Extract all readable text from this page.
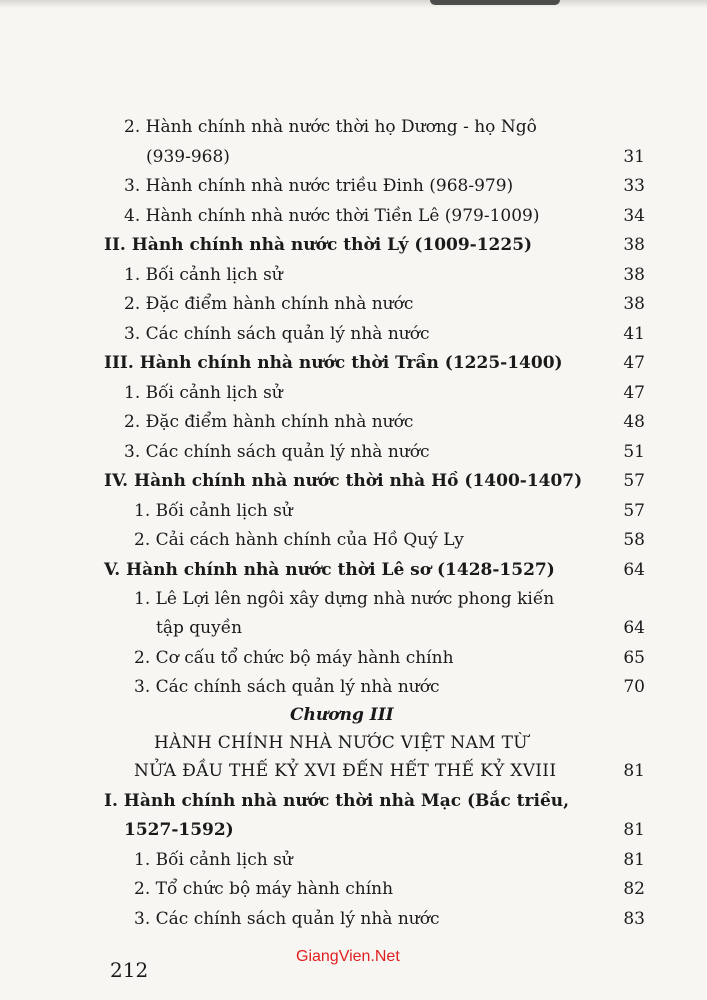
2. Hành chính nhà nước thời họ Dương - họ Ngô
(939-968)	31
3. Hành chính nhà nước triều Đinh (968-979)	33
4. Hành chính nhà nước thời Tiền Lê (979-1009)	34
II. Hành chính nhà nước thời Lý (1009-1225)	38
1. Bối cảnh lịch sử	38
2. Đặc điểm hành chính nhà nước	38
3. Các chính sách quản lý nhà nước	41
III. Hành chính nhà nước thời Trần (1225-1400)	47
1. Bối cảnh lịch sử	47
2. Đặc điểm hành chính nhà nước	48
3. Các chính sách quản lý nhà nước	51
IV. Hành chính nhà nước thời nhà Hồ (1400-1407)	57
1. Bối cảnh lịch sử	57
2. Cải cách hành chính của Hồ Quý Ly	58
V. Hành chính nhà nước thời Lê sơ (1428-1527)	64
1. Lê Lợi lên ngôi xây dựng nhà nước phong kiến
tập quyền	64
2. Cơ cấu tổ chức bộ máy hành chính	65
3. Các chính sách quản lý nhà nước	70
Chương III
HÀNH CHÍNH NHÀ NƯỚC VIỆT NAM TỪ
NỬA ĐẦU THẾ KỶ XVI ĐẾN HẾT THẾ KỶ XVIII	81
I. Hành chính nhà nước thời nhà Mạc (Bắc triều,
1527-1592)	81
1. Bối cảnh lịch sử	81
2. Tổ chức bộ máy hành chính	82
3. Các chính sách quản lý nhà nước	83
GiangVien.Net
212
